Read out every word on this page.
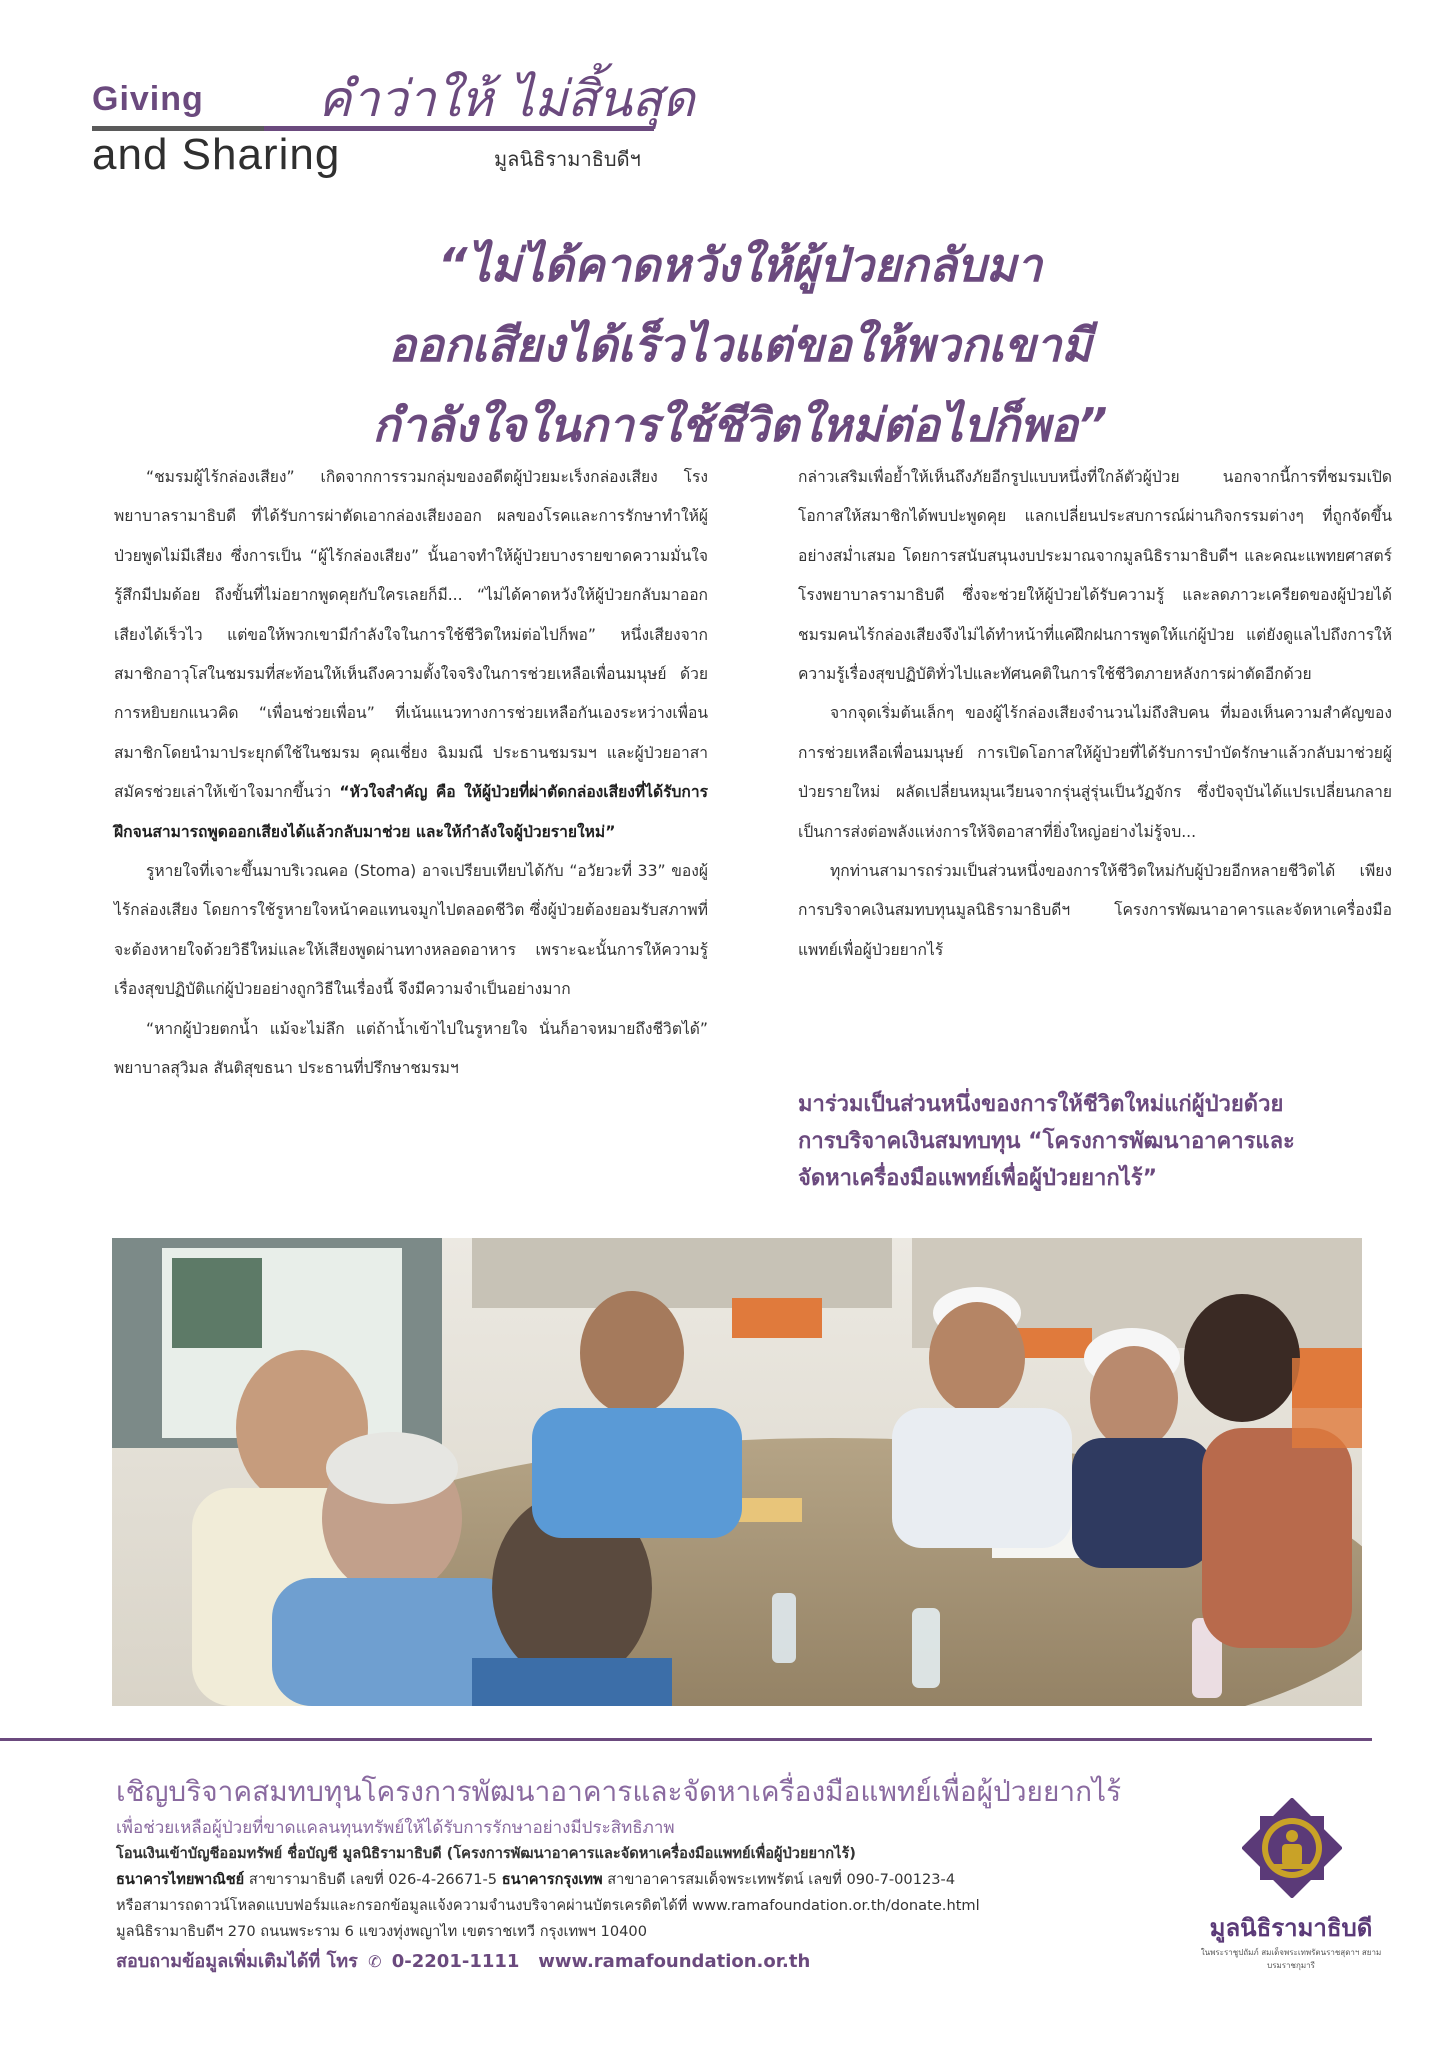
Giving คำว่าให้ ไม่สิ้นสุด
and Sharing	มูลนิธิรามาธิบดีฯ
“ไม่ได้คาดหวังให้ผู้ป่วยกลับมา
ออกเสียงได้เร็วไวแต่ขอให้พวกเขามี
กำลังใจในการใช้ชีวิตใหม่ต่อไปก็พอ”

“ชมรมผู้ไร้กล่องเสียง” เกิดจากการรวมกลุ่มของอดีตผู้ป่วยมะเร็งกล่องเสียง โรงพยาบาลรามาธิบดี ที่ได้รับการผ่าตัดเอากล่องเสียงออก ผลของโรคและการรักษาทำให้ผู้ป่วยพูดไม่มีเสียง ซึ่งการเป็น “ผู้ไร้กล่องเสียง” นั้นอาจทำให้ผู้ป่วยบางรายขาดความมั่นใจ รู้สึกมีปมด้อย ถึงขั้นที่ไม่อยากพูดคุยกับใครเลยก็มี... “ไม่ได้คาดหวังให้ผู้ป่วยกลับมาออกเสียงได้เร็วไว แต่ขอให้พวกเขามีกำลังใจในการใช้ชีวิตใหม่ต่อไปก็พอ” หนึ่งเสียงจากสมาชิกอาวุโสในชมรมที่สะท้อนให้เห็นถึงความตั้งใจจริงในการช่วยเหลือเพื่อนมนุษย์ ด้วยการหยิบยกแนวคิด “เพื่อนช่วยเพื่อน” ที่เน้นแนวทางการช่วยเหลือกันเองระหว่างเพื่อนสมาชิกโดยนำมาประยุกต์ใช้ในชมรม คุณเชี่ยง ฉิมมณี ประธานชมรมฯ และผู้ป่วยอาสาสมัครช่วยเล่าให้เข้าใจมากขึ้นว่า “หัวใจสำคัญ คือ ให้ผู้ป่วยที่ผ่าตัดกล่องเสียงที่ได้รับการฝึกจนสามารถพูดออกเสียงได้แล้วกลับมาช่วย และให้กำลังใจผู้ป่วยรายใหม่”

รูหายใจที่เจาะขึ้นมาบริเวณคอ (Stoma) อาจเปรียบเทียบได้กับ “อวัยวะที่ 33” ของผู้ไร้กล่องเสียง โดยการใช้รูหายใจหน้าคอแทนจมูกไปตลอดชีวิต ซึ่งผู้ป่วยต้องยอมรับสภาพที่จะต้องหายใจด้วยวิธีใหม่และให้เสียงพูดผ่านทางหลอดอาหาร เพราะฉะนั้นการให้ความรู้เรื่องสุขปฏิบัติแก่ผู้ป่วยอย่างถูกวิธีในเรื่องนี้ จึงมีความจำเป็นอย่างมาก

“หากผู้ป่วยตกน้ำ แม้จะไม่ลึก แต่ถ้าน้ำเข้าไปในรูหายใจ นั่นก็อาจหมายถึงชีวิตได้” พยาบาลสุวิมล สันติสุขธนา ประธานที่ปรึกษาชมรมฯ

กล่าวเสริมเพื่อย้ำให้เห็นถึงภัยอีกรูปแบบหนึ่งที่ใกล้ตัวผู้ป่วย นอกจากนี้การที่ชมรมเปิดโอกาสให้สมาชิกได้พบปะพูดคุย แลกเปลี่ยนประสบการณ์ผ่านกิจกรรมต่างๆ ที่ถูกจัดขึ้นอย่างสม่ำเสมอ โดยการสนับสนุนงบประมาณจากมูลนิธิรามาธิบดีฯ และคณะแพทยศาสตร์โรงพยาบาลรามาธิบดี ซึ่งจะช่วยให้ผู้ป่วยได้รับความรู้ และลดภาวะเครียดของผู้ป่วยได้ ชมรมคนไร้กล่องเสียงจึงไม่ได้ทำหน้าที่แค่ฝึกฝนการพูดให้แก่ผู้ป่วย แต่ยังดูแลไปถึงการให้ความรู้เรื่องสุขปฏิบัติทั่วไปและทัศนคติในการใช้ชีวิตภายหลังการผ่าตัดอีกด้วย

จากจุดเริ่มต้นเล็กๆ ของผู้ไร้กล่องเสียงจำนวนไม่ถึงสิบคน ที่มองเห็นความสำคัญของการช่วยเหลือเพื่อนมนุษย์ การเปิดโอกาสให้ผู้ป่วยที่ได้รับการบำบัดรักษาแล้วกลับมาช่วยผู้ป่วยรายใหม่ ผลัดเปลี่ยนหมุนเวียนจากรุ่นสู่รุ่นเป็นวัฏจักร ซึ่งปัจจุบันได้แปรเปลี่ยนกลายเป็นการส่งต่อพลังแห่งการให้จิตอาสาที่ยิ่งใหญ่อย่างไม่รู้จบ...

ทุกท่านสามารถร่วมเป็นส่วนหนึ่งของการให้ชีวิตใหม่กับผู้ป่วยอีกหลายชีวิตได้ เพียงการบริจาคเงินสมทบทุนมูลนิธิรามาธิบดีฯ โครงการพัฒนาอาคารและจัดหาเครื่องมือแพทย์เพื่อผู้ป่วยยากไร้

มาร่วมเป็นส่วนหนึ่งของการให้ชีวิตใหม่แก่ผู้ป่วยด้วย
การบริจาคเงินสมทบทุน “โครงการพัฒนาอาคารและ
จัดหาเครื่องมือแพทย์เพื่อผู้ป่วยยากไร้”
เชิญบริจาคสมทบทุนโครงการพัฒนาอาคารและจัดหาเครื่องมือแพทย์เพื่อผู้ป่วยยากไร้
เพื่อช่วยเหลือผู้ป่วยที่ขาดแคลนทุนทรัพย์ให้ได้รับการรักษาอย่างมีประสิทธิภาพ
โอนเงินเข้าบัญชีออมทรัพย์ ชื่อบัญชี มูลนิธิรามาธิบดี (โครงการพัฒนาอาคารและจัดหาเครื่องมือแพทย์เพื่อผู้ป่วยยากไร้)
ธนาคารไทยพาณิชย์ สาขารามาธิบดี เลขที่ 026-4-26671-5 ธนาคารกรุงเทพ สาขาอาคารสมเด็จพระเทพรัตน์ เลขที่ 090-7-00123-4
หรือสามารถดาวน์โหลดแบบฟอร์มและกรอกข้อมูลแจ้งความจำนงบริจาคผ่านบัตรเครดิตได้ที่ www.ramafoundation.or.th/donate.html
มูลนิธิรามาธิบดีฯ 270 ถนนพระราม 6 แขวงทุ่งพญาไท เขตราชเทวี กรุงเทพฯ 10400
สอบถามข้อมูลเพิ่มเติมได้ที่ โทร ✆ 0-2201-1111 www.ramafoundation.or.th
มูลนิธิรามาธิบดี
ในพระราชูปถัมภ์ สมเด็จพระเทพรัตนราชสุดาฯ สยามบรมราชกุมารี
